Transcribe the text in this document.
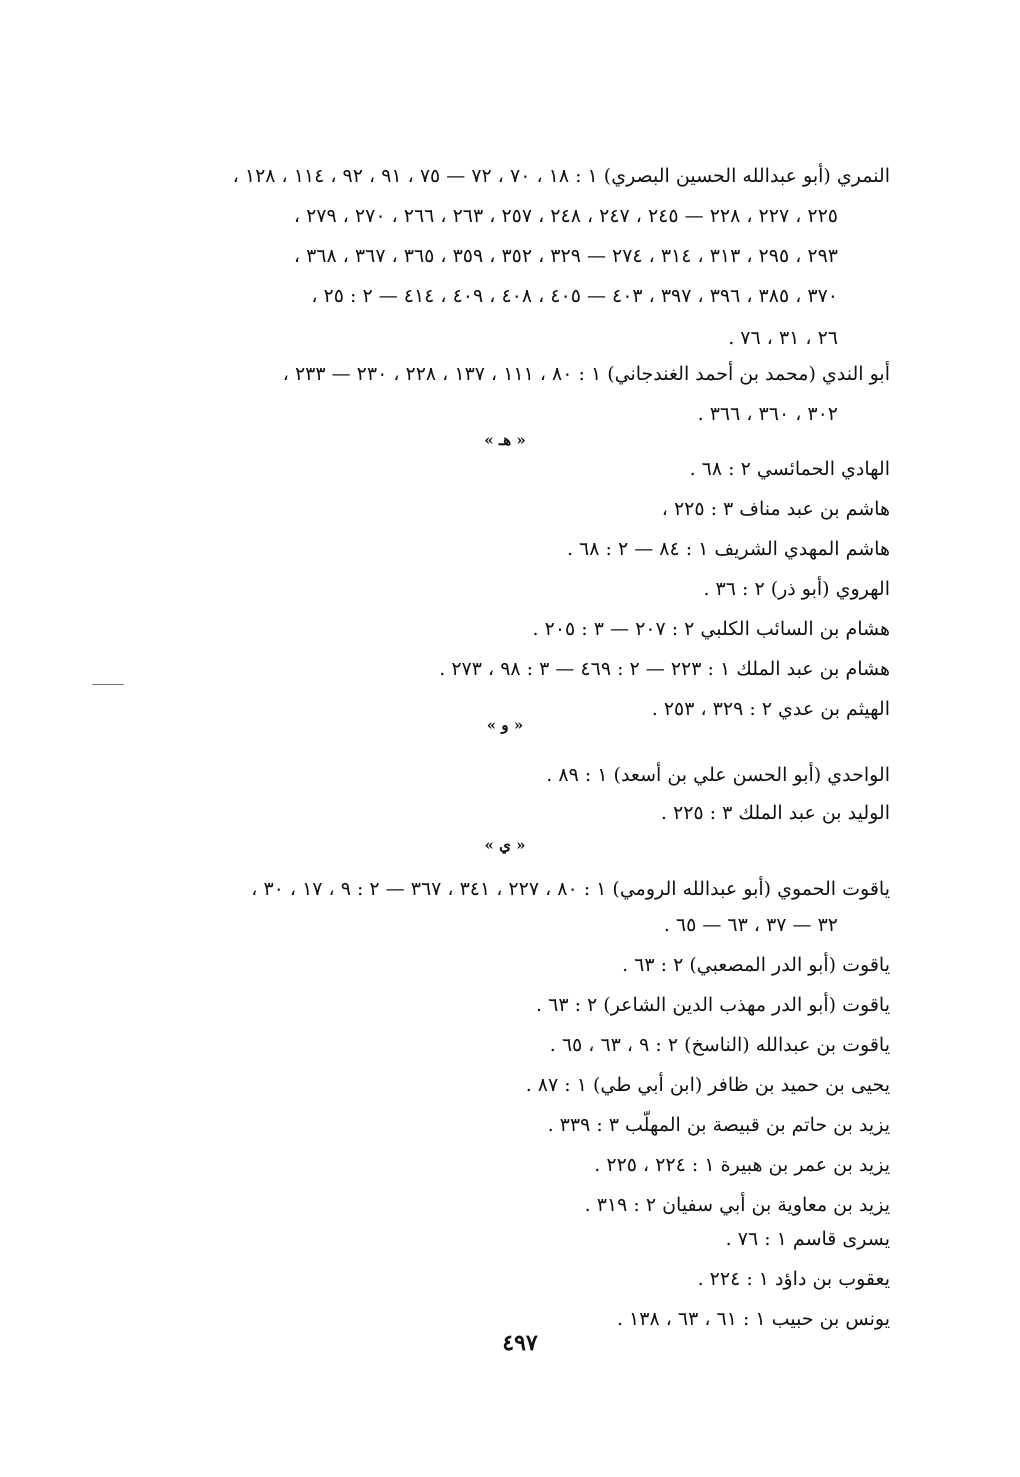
النمري (أبو عبدالله الحسين البصري) ١ : ١٨ ، ٧٠ ، ٧٢ — ٧٥ ، ٩١ ، ٩٢ ، ١١٤ ، ١٢٨ ،
٢٢٥ ، ٢٢٧ ، ٢٢٨ — ٢٤٥ ، ٢٤٧ ، ٢٤٨ ، ٢٥٧ ، ٢٦٣ ، ٢٦٦ ، ٢٧٠ ، ٢٧٩ ،
٢٩٣ ، ٢٩٥ ، ٣١٣ ، ٣١٤ ، ٢٧٤ — ٣٢٩ ، ٣٥٢ ، ٣٥٩ ، ٣٦٥ ، ٣٦٧ ، ٣٦٨ ،
٣٧٠ ، ٣٨٥ ، ٣٩٦ ، ٣٩٧ ، ٤٠٣ — ٤٠٥ ، ٤٠٨ ، ٤٠٩ ، ٤١٤ — ٢ : ٢٥ ،
٢٦ ، ٣١ ، ٧٦ .
أبو الندي (محمد بن أحمد الغندجاني) ١ : ٨٠ ، ١١١ ، ١٣٧ ، ٢٢٨ ، ٢٣٠ — ٢٣٣ ،
٣٠٢ ، ٣٦٠ ، ٣٦٦ .
« هـ »
الهادي الحمائسي ٢ : ٦٨ .
هاشم بن عبد مناف ٣ : ٢٢٥ ،
هاشم المهدي الشريف ١ : ٨٤ — ٢ : ٦٨ .
الهروي (أبو ذر) ٢ : ٣٦ .
هشام بن السائب الكلبي ٢ : ٢٠٧ — ٣ : ٢٠٥ .
هشام بن عبد الملك ١ : ٢٢٣ — ٢ : ٤٦٩ — ٣ : ٩٨ ، ٢٧٣ .
الهيثم بن عدي ٢ : ٣٢٩ ، ٢٥٣ .
« و »
الواحدي (أبو الحسن علي بن أسعد) ١ : ٨٩ .
الوليد بن عبد الملك ٣ : ٢٢٥ .
« ي »
ياقوت الحموي (أبو عبدالله الرومي) ١ : ٨٠ ، ٢٢٧ ، ٣٤١ ، ٣٦٧ — ٢ : ٩ ، ١٧ ، ٣٠ ،
٣٢ — ٣٧ ، ٦٣ — ٦٥ .
ياقوت (أبو الدر المصعبي) ٢ : ٦٣ .
ياقوت (أبو الدر مهذب الدين الشاعر) ٢ : ٦٣ .
ياقوت بن عبدالله (الناسخ) ٢ : ٩ ، ٦٣ ، ٦٥ .
يحيى بن حميد بن ظافر (ابن أبي طي) ١ : ٨٧ .
يزيد بن حاتم بن قبيصة بن المهلّب ٣ : ٣٣٩ .
يزيد بن عمر بن هبيرة ١ : ٢٢٤ ، ٢٢٥ .
يزيد بن معاوية بن أبي سفيان ٢ : ٣١٩ .
يسرى قاسم ١ : ٧٦ .
يعقوب بن داؤد ١ : ٢٢٤ .
يونس بن حبيب ١ : ٦١ ، ٦٣ ، ١٣٨ .
٤٩٧
